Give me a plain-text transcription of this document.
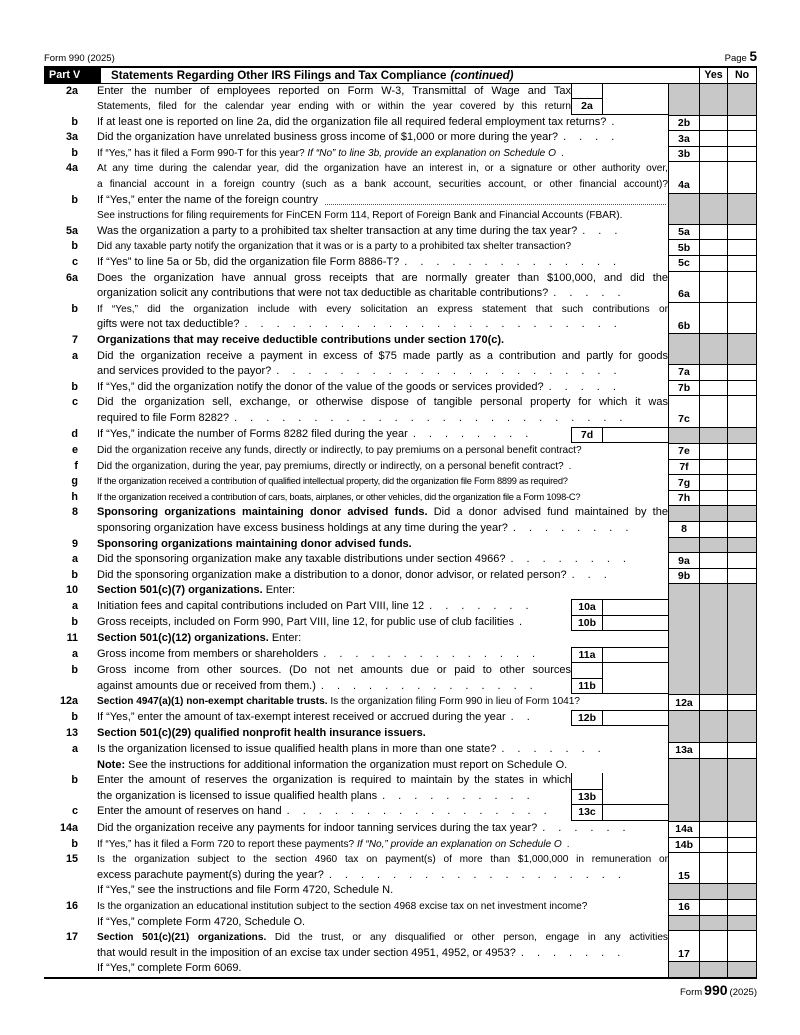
Form 990 (2025)	Page 5
Part V	Statements Regarding Other IRS Filings and Tax Compliance (continued)	Yes	No
2a Enter the number of employees reported on Form W-3, Transmittal of Wage and Tax
Statements, filed for the calendar year ending with or within the year covered by this return 2a
b If at least one is reported on line 2a, did the organization file all required federal employment tax returns? .	2b
3a Did the organization have unrelated business gross income of $1,000 or more during the year? ....	3a
b If “Yes,” has it filed a Form 990-T for this year? If “No” to line 3b, provide an explanation on Schedule O .	3b
4a At any time during the calendar year, did the organization have an interest in, or a signature or other authority over,
a financial account in a foreign country (such as a bank account, securities account, or other financial account)? 4a
b If “Yes,” enter the name of the foreign country
See instructions for filing requirements for FinCEN Form 114, Report of Foreign Bank and Financial Accounts (FBAR).
5a Was the organization a party to a prohibited tax shelter transaction at any time during the tax year? ...	5a
b Did any taxable party notify the organization that it was or is a party to a prohibited tax shelter transaction?	5b
c If “Yes” to line 5a or 5b, did the organization file Form 8886-T? ..............	5c
6a Does the organization have annual gross receipts that are normally greater than $100,000, and did the
organization solicit any contributions that were not tax deductible as charitable contributions? .....	6a
b If “Yes,” did the organization include with every solicitation an express statement that such contributions or
gifts were not tax deductible? ........................	6b
7 Organizations that may receive deductible contributions under section 170(c).
a Did the organization receive a payment in excess of $75 made partly as a contribution and partly for goods
and services provided to the payor? ......................	7a
b If “Yes,” did the organization notify the donor of the value of the goods or services provided? .....	7b
c Did the organization sell, exchange, or otherwise dispose of tangible personal property for which it was
required to file Form 8282? .........................	7c
d If “Yes,” indicate the number of Forms 8282 filed during the year ........	7d
e Did the organization receive any funds, directly or indirectly, to pay premiums on a personal benefit contract?	7e
f Did the organization, during the year, pay premiums, directly or indirectly, on a personal benefit contract? .	7f
g If the organization received a contribution of qualified intellectual property, did the organization file Form 8899 as required?	7g
h If the organization received a contribution of cars, boats, airplanes, or other vehicles, did the organization file a Form 1098-C?	7h
8 Sponsoring organizations maintaining donor advised funds. Did a donor advised fund maintained by the
sponsoring organization have excess business holdings at any time during the year? ........	8
9 Sponsoring organizations maintaining donor advised funds.
a Did the sponsoring organization make any taxable distributions under section 4966? ........	9a
b Did the sponsoring organization make a distribution to a donor, donor advisor, or related person? ...	9b
10 Section 501(c)(7) organizations. Enter:
a Initiation fees and capital contributions included on Part VIII, line 12 .......	10a
b Gross receipts, included on Form 990, Part VIII, line 12, for public use of club facilities .	10b
11 Section 501(c)(12) organizations. Enter:
a Gross income from members or shareholders ..............	11a
b Gross income from other sources. (Do not net amounts due or paid to other sources
against amounts due or received from them.) ..............	11b
12a Section 4947(a)(1) non-exempt charitable trusts. Is the organization filing Form 990 in lieu of Form 1041?	12a
b If “Yes,” enter the amount of tax-exempt interest received or accrued during the year ..	12b
13 Section 501(c)(29) qualified nonprofit health insurance issuers.
a Is the organization licensed to issue qualified health plans in more than one state? .......	13a
Note: See the instructions for additional information the organization must report on Schedule O.
b Enter the amount of reserves the organization is required to maintain by the states in which
the organization is licensed to issue qualified health plans ..........	13b
c Enter the amount of reserves on hand .................	13c
14a Did the organization receive any payments for indoor tanning services during the tax year? ......	14a
b If “Yes,” has it filed a Form 720 to report these payments? If “No,” provide an explanation on Schedule O .	14b
15 Is the organization subject to the section 4960 tax on payment(s) of more than $1,000,000 in remuneration or
excess parachute payment(s) during the year? ...................	15
If “Yes,” see the instructions and file Form 4720, Schedule N.
16 Is the organization an educational institution subject to the section 4968 excise tax on net investment income?	16
If “Yes,” complete Form 4720, Schedule O.
17 Section 501(c)(21) organizations. Did the trust, or any disqualified or other person, engage in any activities
that would result in the imposition of an excise tax under section 4951, 4952, or 4953? .......	17
If “Yes,” complete Form 6069.
Form 990 (2025)
